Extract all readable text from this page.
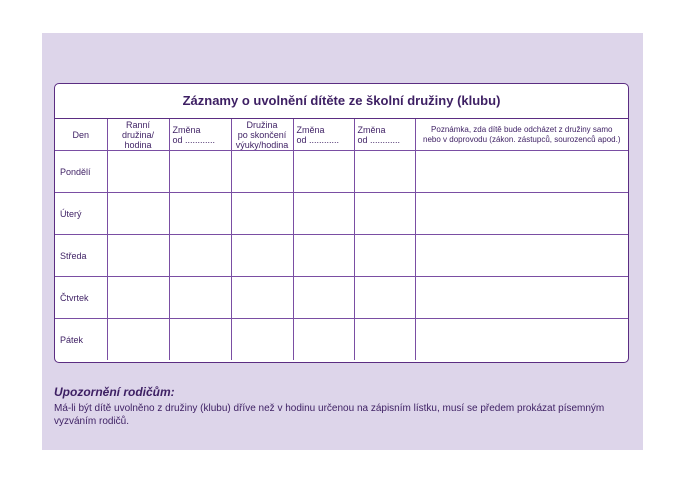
Záznamy o uvolnění dítěte ze školní družiny (klubu)
Den	Ranní
družina/
hodina	Změna
od ............	Družina
po skončení
výuky/hodina	Změna
od ............	Změna
od ............	Poznámka, zda dítě bude odcházet z družiny samo
nebo v doprovodu (zákon. zástupců, sourozenců apod.)
Pondělí						
Úterý						
Středa						
Čtvrtek						
Pátek						
Upozornění rodičům:
Má-li být dítě uvolněno z družiny (klubu) dříve než v hodinu určenou na zápisním lístku, musí se předem prokázat písemným vyzváním rodičů.
